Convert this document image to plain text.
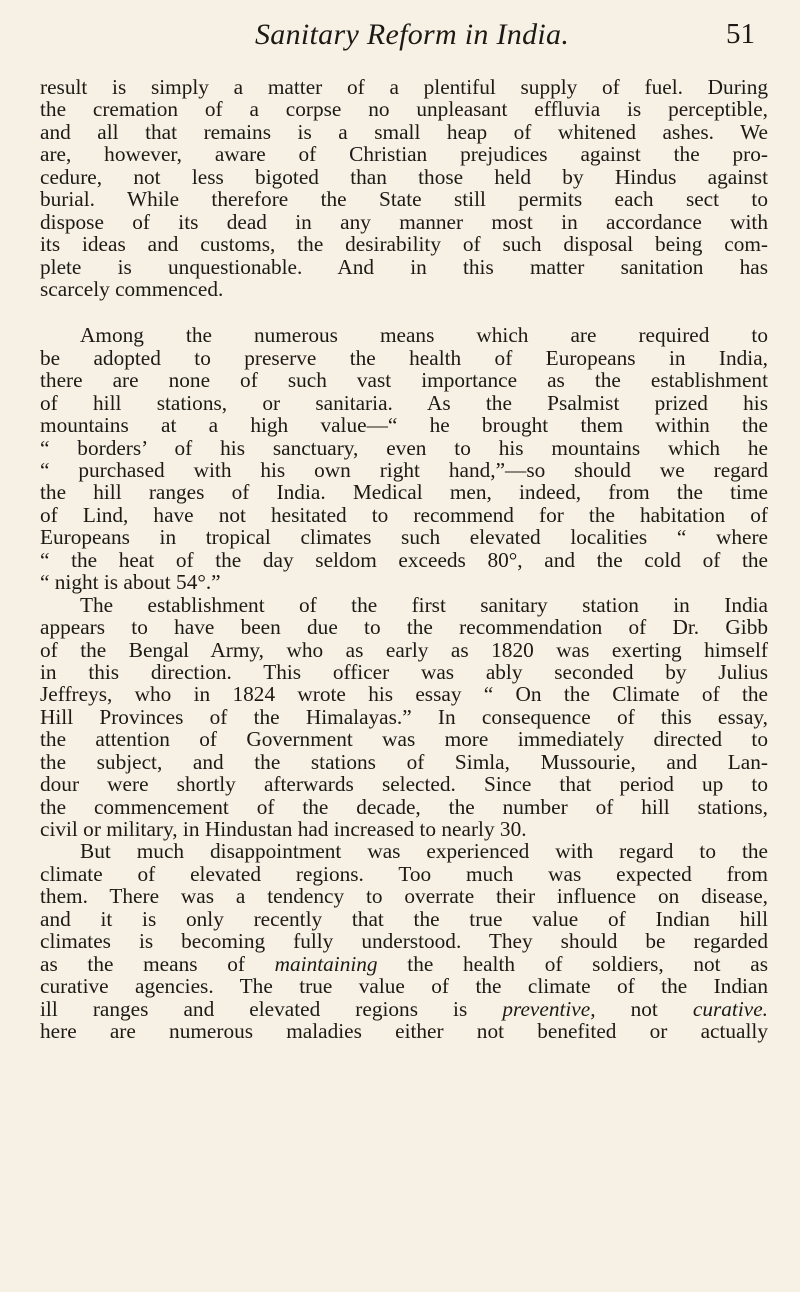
Sanitary Reform in India.	51
result is simply a matter of a plentiful supply of fuel. During
the cremation of a corpse no unpleasant effluvia is perceptible,
and all that remains is a small heap of whitened ashes. We
are, however, aware of Christian prejudices against the pro-
cedure, not less bigoted than those held by Hindus against
burial. While therefore the State still permits each sect to
dispose of its dead in any manner most in accordance with
its ideas and customs, the desirability of such disposal being com-
plete is unquestionable. And in this matter sanitation has
scarcely commenced.
Among the numerous means which are required to
be adopted to preserve the health of Europeans in India,
there are none of such vast importance as the establishment
of hill stations, or sanitaria. As the Psalmist prized his
mountains at a high value—“ he brought them within the
“ borders’ of his sanctuary, even to his mountains which he
“ purchased with his own right hand,”—so should we regard
the hill ranges of India. Medical men, indeed, from the time
of Lind, have not hesitated to recommend for the habitation of
Europeans in tropical climates such elevated localities “ where
“ the heat of the day seldom exceeds 80°, and the cold of the
“ night is about 54°.”
The establishment of the first sanitary station in India
appears to have been due to the recommendation of Dr. Gibb
of the Bengal Army, who as early as 1820 was exerting himself
in this direction. This officer was ably seconded by Julius
Jeffreys, who in 1824 wrote his essay “ On the Climate of the
Hill Provinces of the Himalayas.” In consequence of this essay,
the attention of Government was more immediately directed to
the subject, and the stations of Simla, Mussourie, and Lan-
dour were shortly afterwards selected. Since that period up to
the commencement of the decade, the number of hill stations,
civil or military, in Hindustan had increased to nearly 30.
But much disappointment was experienced with regard to the
climate of elevated regions. Too much was expected from
them. There was a tendency to overrate their influence on disease,
and it is only recently that the true value of Indian hill
climates is becoming fully understood. They should be regarded
as the means of maintaining the health of soldiers, not as
curative agencies. The true value of the climate of the Indian
ill ranges and elevated regions is preventive, not curative.
here are numerous maladies either not benefited or actually
